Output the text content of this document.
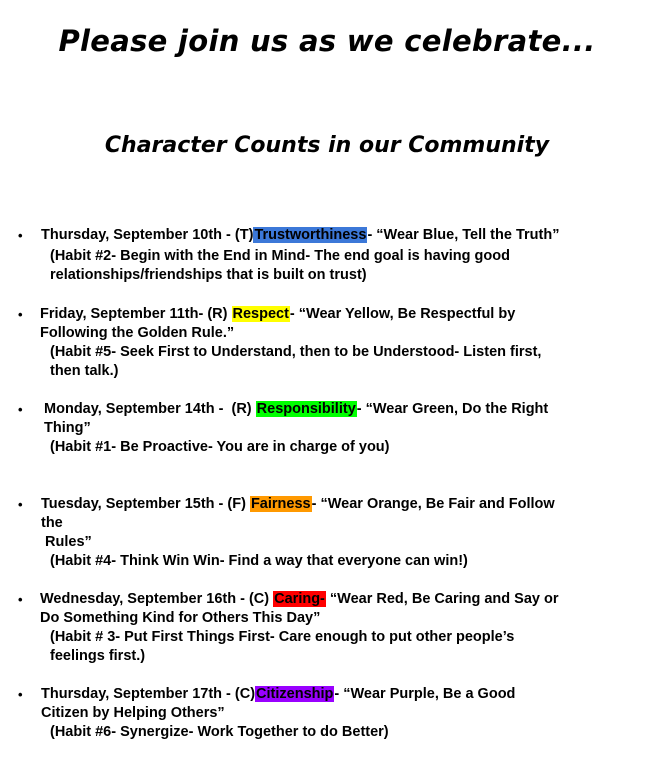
Please join us as we celebrate...
Character Counts in our Community
• Thursday, September 10th - (T)Trustworthiness- “Wear Blue, Tell the Truth”
(Habit #2- Begin with the End in Mind- The end goal is having good
relationships/friendships that is built on trust)
• Friday, September 11th- (R) Respect- “Wear Yellow, Be Respectful by
Following the Golden Rule.”
(Habit #5- Seek First to Understand, then to be Understood- Listen first,
then talk.)
• Monday, September 14th -  (R) Responsibility- “Wear Green, Do the Right
Thing”
(Habit #1- Be Proactive- You are in charge of you)
• Tuesday, September 15th - (F) Fairness- “Wear Orange, Be Fair and Follow
the
Rules”
(Habit #4- Think Win Win- Find a way that everyone can win!)
• Wednesday, September 16th - (C) Caring- “Wear Red, Be Caring and Say or
Do Something Kind for Others This Day”
(Habit # 3- Put First Things First- Care enough to put other people’s
feelings first.)
• Thursday, September 17th - (C)Citizenship- “Wear Purple, Be a Good
Citizen by Helping Others”
(Habit #6- Synergize- Work Together to do Better)
